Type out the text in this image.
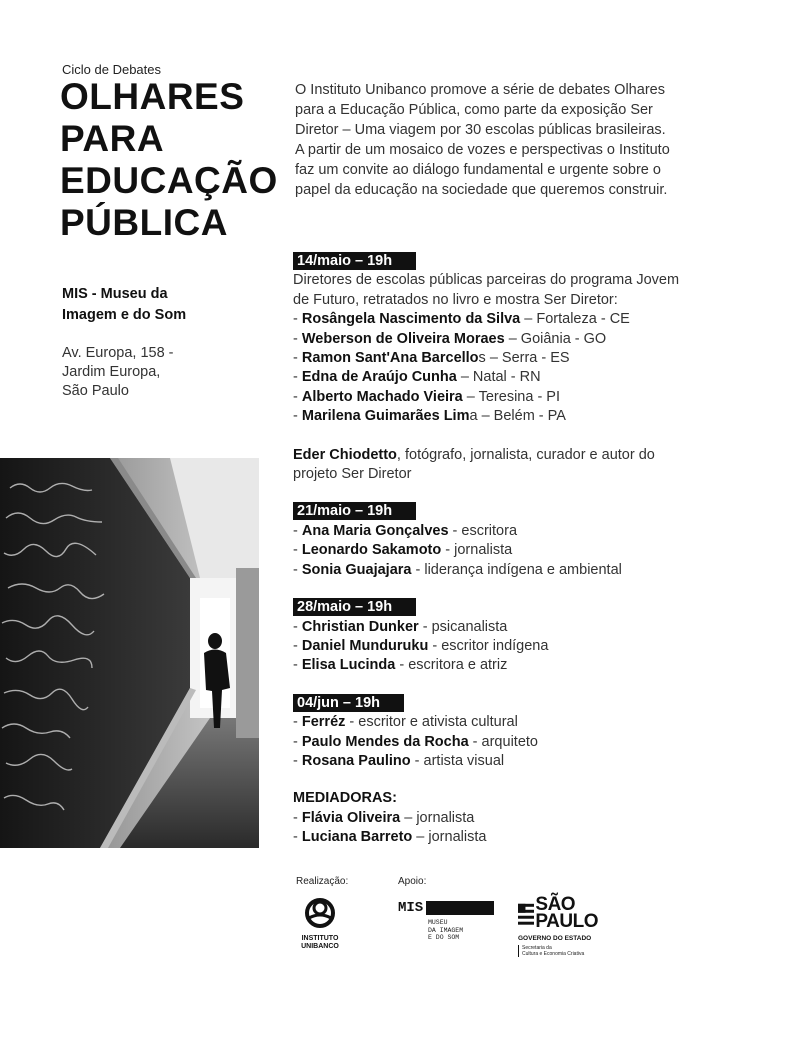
Ciclo de Debates
OLHARES
PARA
EDUCAÇÃO
PÚBLICA
MIS - Museu da
Imagem e do Som
Av. Europa, 158 -
Jardim Europa,
São Paulo
O Instituto Unibanco promove a série de debates Olhares
para a Educação Pública, como parte da exposição Ser
Diretor – Uma viagem por 30 escolas públicas brasileiras.
A partir de um mosaico de vozes e perspectivas o Instituto
faz um convite ao diálogo fundamental e urgente sobre o
papel da educação na sociedade que queremos construir.
14/maio – 19h
Diretores de escolas públicas parceiras do programa Jovem
de Futuro, retratados no livro e mostra Ser Diretor:
- Rosângela Nascimento da Silva – Fortaleza - CE
- Weberson de Oliveira Moraes – Goiânia - GO
- Ramon Sant'Ana Barcellos – Serra - ES
- Edna de Araújo Cunha – Natal - RN
- Alberto Machado Vieira – Teresina - PI
- Marilena Guimarães Lima – Belém - PA
Eder Chiodetto, fotógrafo, jornalista, curador e autor do
projeto Ser Diretor
21/maio – 19h
- Ana Maria Gonçalves - escritora
- Leonardo Sakamoto - jornalista
- Sonia Guajajara - liderança indígena e ambiental
28/maio – 19h
- Christian Dunker - psicanalista
- Daniel Munduruku - escritor indígena
- Elisa Lucinda - escritora e atriz
04/jun – 19h
- Ferréz - escritor e ativista cultural
- Paulo Mendes da Rocha - arquiteto
- Rosana Paulino - artista visual
MEDIADORAS:
- Flávia Oliveira – jornalista
- Luciana Barreto – jornalista
Realização:	Apoio:
INSTITUTO
UNIBANCO
MIS
MUSEU
DA IMAGEM
E DO SOM
SÃO
PAULO
GOVERNO DO ESTADO
Secretaria da
Cultura e Economia Criativa
